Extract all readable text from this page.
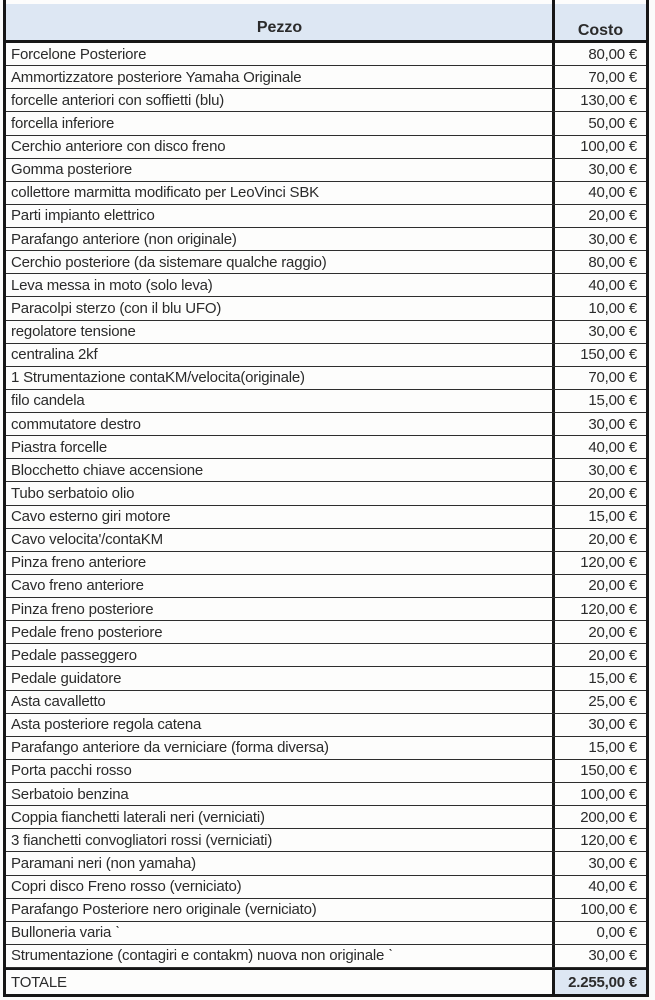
Pezzo	Costo
Forcelone Posteriore	80,00 €
Ammortizzatore posteriore Yamaha Originale	70,00 €
forcelle anteriori con soffietti (blu)	130,00 €
forcella inferiore	50,00 €
Cerchio anteriore con disco freno	100,00 €
Gomma posteriore	30,00 €
collettore marmitta modificato per LeoVinci SBK	40,00 €
Parti impianto elettrico	20,00 €
Parafango anteriore (non originale)	30,00 €
Cerchio posteriore (da sistemare qualche raggio)	80,00 €
Leva messa in moto (solo leva)	40,00 €
Paracolpi sterzo (con il blu UFO)	10,00 €
regolatore tensione	30,00 €
centralina 2kf	150,00 €
1 Strumentazione contaKM/velocita(originale)	70,00 €
filo candela	15,00 €
commutatore destro	30,00 €
Piastra forcelle	40,00 €
Blocchetto chiave accensione	30,00 €
Tubo serbatoio olio	20,00 €
Cavo esterno giri motore	15,00 €
Cavo velocita'/contaKM	20,00 €
Pinza freno anteriore	120,00 €
Cavo freno anteriore	20,00 €
Pinza freno posteriore	120,00 €
Pedale freno posteriore	20,00 €
Pedale passeggero	20,00 €
Pedale guidatore	15,00 €
Asta cavalletto	25,00 €
Asta posteriore regola catena	30,00 €
Parafango anteriore da verniciare (forma diversa)	15,00 €
Porta pacchi rosso	150,00 €
Serbatoio benzina	100,00 €
Coppia fianchetti laterali neri (verniciati)	200,00 €
3 fianchetti convogliatori rossi (verniciati)	120,00 €
Paramani neri (non yamaha)	30,00 €
Copri disco Freno rosso (verniciato)	40,00 €
Parafango Posteriore nero originale (verniciato)	100,00 €
Bulloneria varia ˋ	0,00 €
Strumentazione (contagiri e contakm) nuova non originale ˋ	30,00 €
TOTALE	2.255,00 €
